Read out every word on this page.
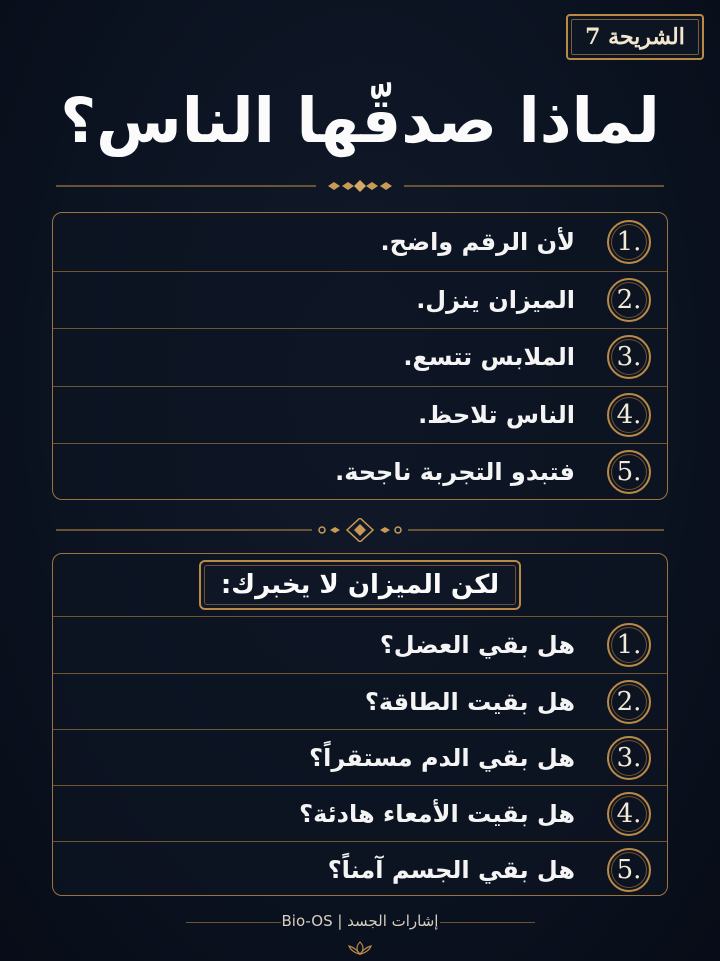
الشريحة 7
لماذا صدقّها الناس؟
1.
لأن الرقم واضح.
2.
الميزان ينزل.
3.
الملابس تتسع.
4.
الناس تلاحظ.
5.
فتبدو التجربة ناجحة.
لكن الميزان لا يخبرك:
1.
هل بقي العضل؟
2.
هل بقيت الطاقة؟
3.
هل بقي الدم مستقراً؟
4.
هل بقيت الأمعاء هادئة؟
5.
هل بقي الجسم آمناً؟
إشارات الجسد | Bio-OS
